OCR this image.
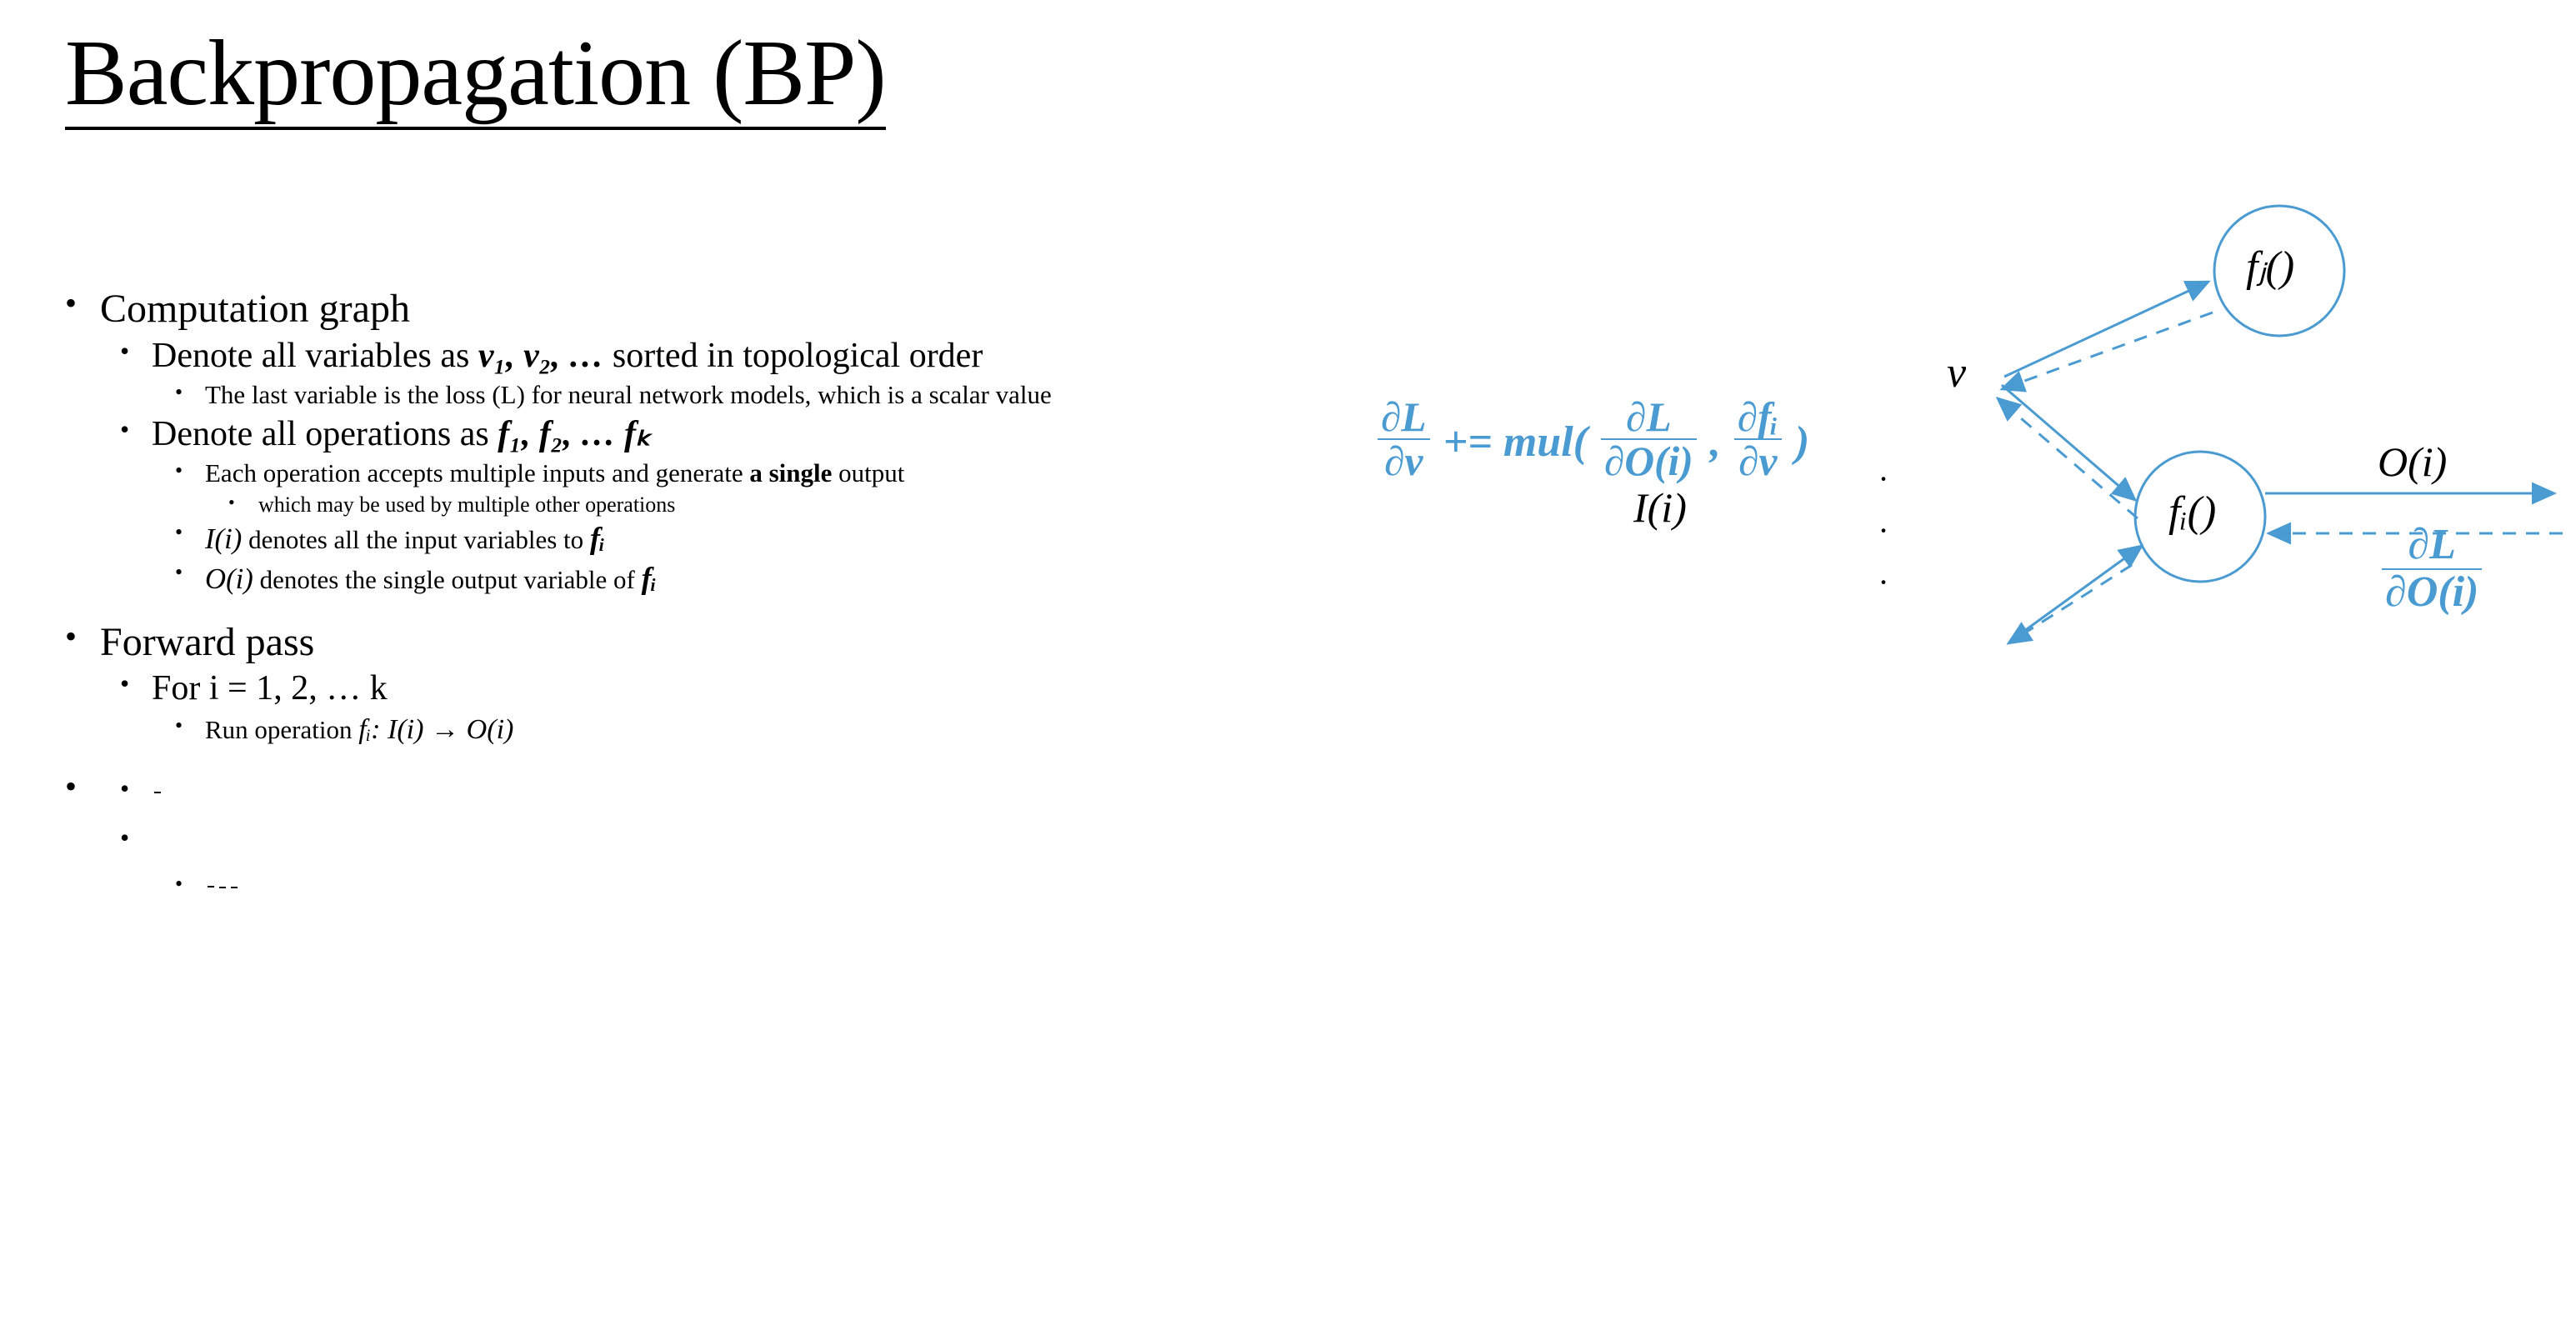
Backpropagation (BP)
• Computation graph
• Denote all variables as v₁, v₂, … sorted in topological order
• The last variable is the loss (L) for neural network models, which is a scalar value
• Denote all operations as f₁, f₂, … fₖ
• Each operation accepts multiple inputs and generate a single output
• which may be used by multiple other operations
• I(i) denotes all the input variables to fᵢ
• O(i) denotes the single output variable of fᵢ
• Forward pass
• For i = 1, 2, … k
• Run operation fᵢ: I(i) → O(i)
• •
•
•
fⱼ()
fᵢ()
v
O(i)
I(i)
·
·
·
$\frac{\partial L}{\partial v} += mul( \frac{\partial L}{\partial O(i)}$ , $\frac{\text{∂fᵢ}}{\partial v}$ )
$\frac{\partial L}{\partial O(i)}$
